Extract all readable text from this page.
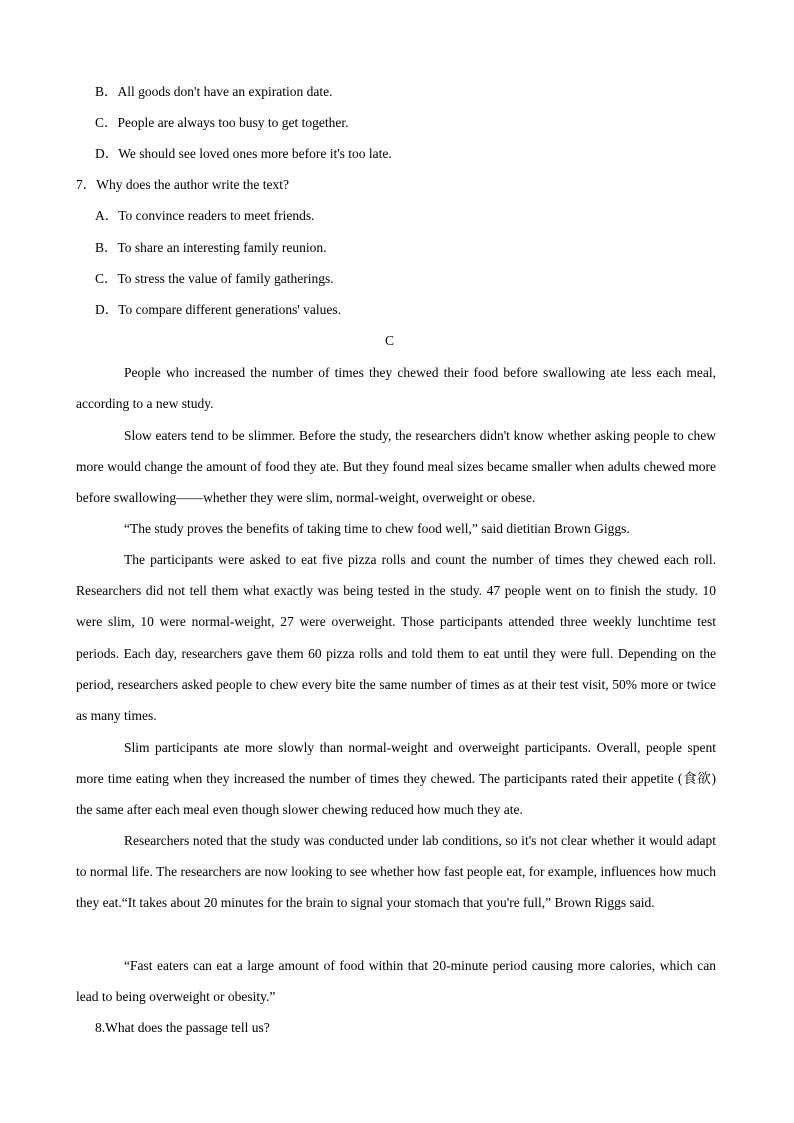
B．All goods don't have an expiration date.
C．People are always too busy to get together.
D．We should see loved ones more before it's too late.
7．Why does the author write the text?
A．To convince readers to meet friends.
B．To share an interesting family reunion.
C．To stress the value of family gatherings.
D．To compare different generations' values.
C

People who increased the number of times they chewed their food before swallowing ate less each meal, according to a new study.

Slow eaters tend to be slimmer. Before the study, the researchers didn't know whether asking people to chew more would change the amount of food they ate. But they found meal sizes became smaller when adults chewed more before swallowing——whether they were slim, normal-weight, overweight or obese.

“The study proves the benefits of taking time to chew food well,” said dietitian Brown Giggs.

The participants were asked to eat five pizza rolls and count the number of times they chewed each roll. Researchers did not tell them what exactly was being tested in the study. 47 people went on to finish the study. 10 were slim, 10 were normal-weight, 27 were overweight. Those participants attended three weekly lunchtime test periods. Each day, researchers gave them 60 pizza rolls and told them to eat until they were full. Depending on the period, researchers asked people to chew every bite the same number of times as at their test visit, 50% more or twice as many times.

Slim participants ate more slowly than normal-weight and overweight participants. Overall, people spent more time eating when they increased the number of times they chewed. The participants rated their appetite (食欲) the same after each meal even though slower chewing reduced how much they ate.

Researchers noted that the study was conducted under lab conditions, so it's not clear whether it would adapt to normal life. The researchers are now looking to see whether how fast people eat, for example, influences how much they eat.“It takes about 20 minutes for the brain to signal your stomach that you're full,” Brown Riggs said.

“Fast eaters can eat a large amount of food within that 20-minute period causing more calories, which can lead to being overweight or obesity.”

8.What does the passage tell us?
